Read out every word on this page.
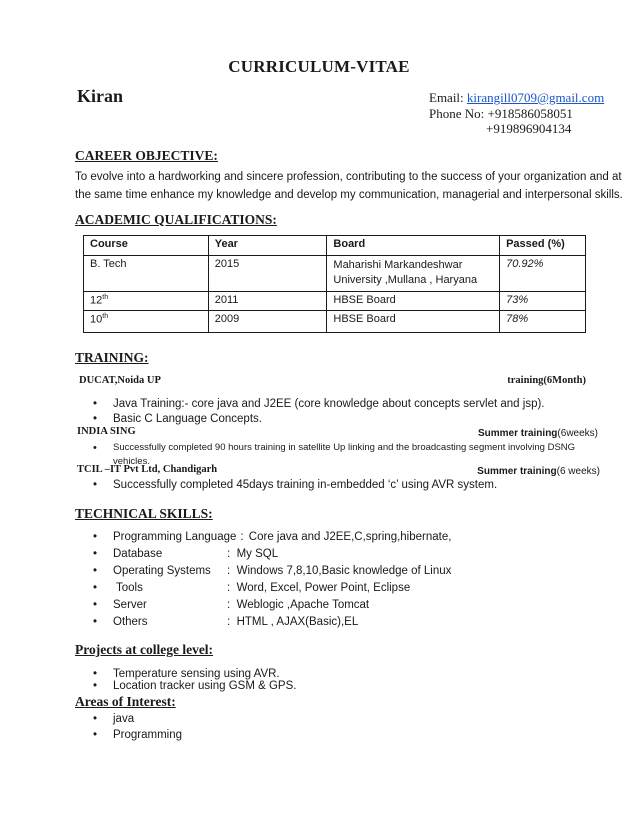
CURRICULUM-VITAE
Kiran	Email: kirangill0709@gmail.com
Phone No: +918586058051
+919896904134
CAREER OBJECTIVE:
To evolve into a hardworking and sincere profession, contributing to the success of your organization and at
the same time enhance my knowledge and develop my communication, managerial and interpersonal skills.
ACADEMIC QUALIFICATIONS:
Course	Year	Board	Passed (%)
B. Tech	2015	Maharishi Markandeshwar
University ,Mullana , Haryana	70.92%
12th	2011	HBSE Board	73%
10th	2009	HBSE Board	78%
TRAINING:
DUCAT,Noida UP	training(6Month)
• Java Training:- core java and J2EE (core knowledge about concepts servlet and jsp).
• Basic C Language Concepts.
INDIA SING	Summer training(6weeks)
• Successfully completed 90 hours training in satellite Up linking and the broadcasting segment involving DSNG
vehicles.
TCIL –IT Pvt Ltd, Chandigarh	Summer training(6 weeks)
• Successfully completed 45days training in-embedded ‘c’ using AVR system.
TECHNICAL SKILLS:
• Programming Language : Core java and J2EE,C,spring,hibernate,
• Database	: My SQL
• Operating Systems : Windows 7,8,10,Basic knowledge of Linux
•  Tools	: Word, Excel, Power Point, Eclipse
• Server	: Weblogic ,Apache Tomcat
• Others	: HTML , AJAX(Basic),EL
Projects at college level:
• Temperature sensing using AVR.
• Location tracker using GSM & GPS.
Areas of Interest:
• java
• Programming
